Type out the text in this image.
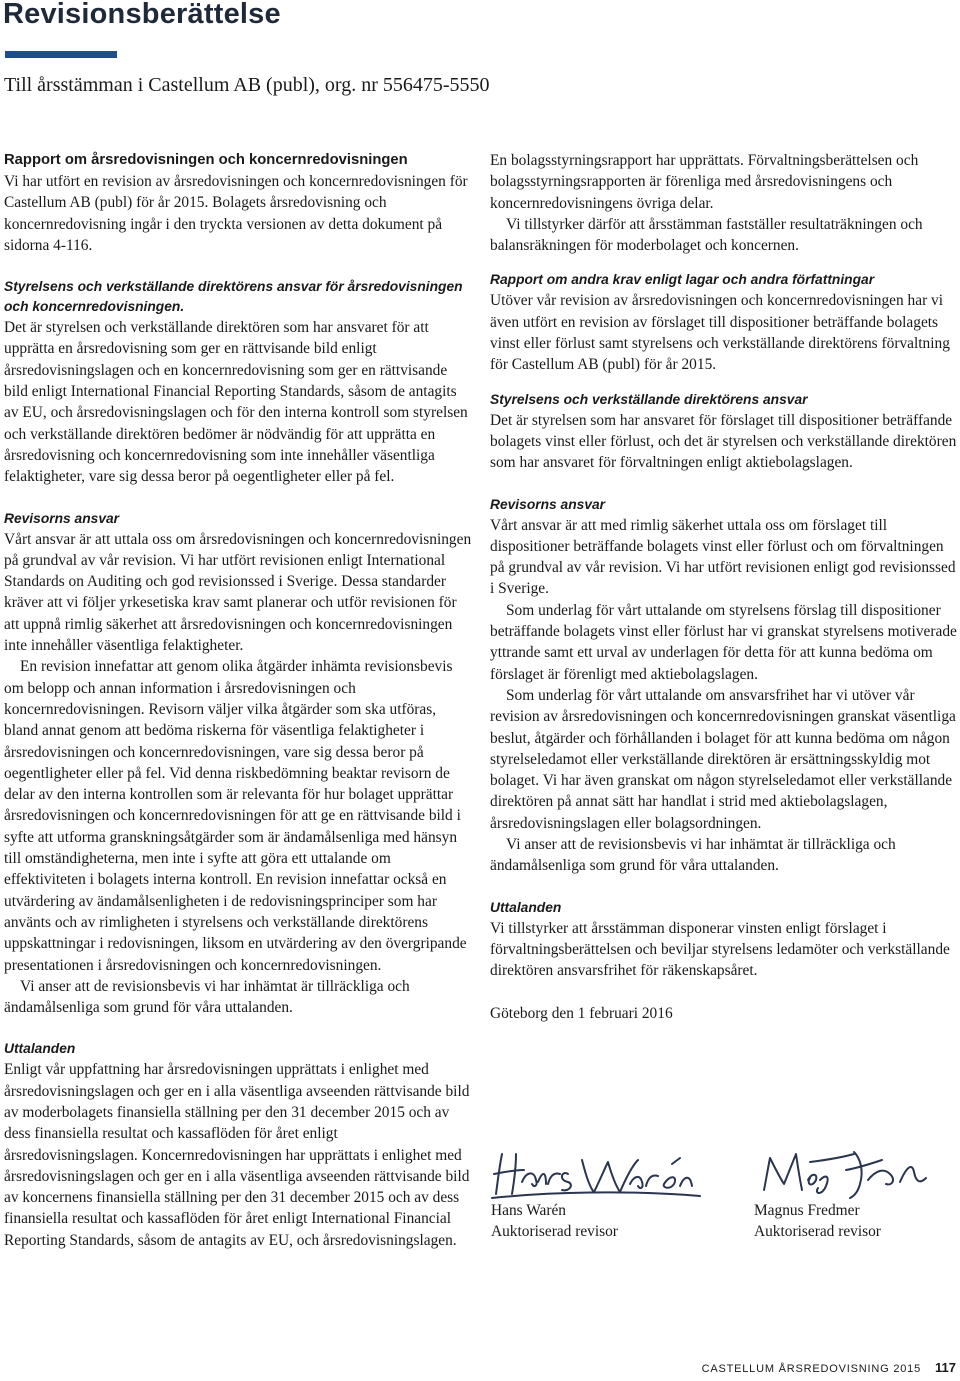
Revisionsberättelse

Till årsstämman i Castellum AB (publ), org. nr 556475-5550

Rapport om årsredovisningen och koncernredovisningen

Vi har utfört en revision av årsredovisningen och koncernredovisningen för Castellum AB (publ) för år 2015. Bolagets årsredovisning och koncernredovisning ingår i den tryckta versionen av detta dokument på sidorna 4-116.

Styrelsens och verkställande direktörens ansvar för årsredovisningen och koncernredovisningen.

Det är styrelsen och verkställande direktören som har ansvaret för att upprätta en årsredovisning som ger en rättvisande bild enligt årsredovisningslagen och en koncernredovisning som ger en rättvisande bild enligt International Financial Reporting Standards, såsom de antagits av EU, och årsredovisningslagen och för den interna kontroll som styrelsen och verkställande direktören bedömer är nödvändig för att upprätta en årsredovisning och koncernredovisning som inte innehåller väsentliga felaktigheter, vare sig dessa beror på oegentligheter eller på fel.

Revisorns ansvar

Vårt ansvar är att uttala oss om årsredovisningen och koncernredovisningen på grundval av vår revision. Vi har utfört revisionen enligt International Standards on Auditing och god revisionssed i Sverige. Dessa standarder kräver att vi följer yrkesetiska krav samt planerar och utför revisionen för att uppnå rimlig säkerhet att årsredovisningen och koncernredovisningen inte innehåller väsentliga felaktigheter.

En revision innefattar att genom olika åtgärder inhämta revisionsbevis om belopp och annan information i årsredovisningen och koncernredovisningen. Revisorn väljer vilka åtgärder som ska utföras, bland annat genom att bedöma riskerna för väsentliga felaktigheter i årsredovisningen och koncernredovisningen, vare sig dessa beror på oegentligheter eller på fel. Vid denna riskbedömning beaktar revisorn de delar av den interna kontrollen som är relevanta för hur bolaget upprättar årsredovisningen och koncernredovisningen för att ge en rättvisande bild i syfte att utforma granskningsåtgärder som är ändamålsenliga med hänsyn till omständigheterna, men inte i syfte att göra ett uttalande om effektiviteten i bolagets interna kontroll. En revision innefattar också en utvärdering av ändamålsenligheten i de redovisningsprinciper som har använts och av rimligheten i styrelsens och verkställande direktörens uppskattningar i redovisningen, liksom en utvärdering av den övergripande presentationen i årsredovisningen och koncernredovisningen.

Vi anser att de revisionsbevis vi har inhämtat är tillräckliga och ändamålsenliga som grund för våra uttalanden.

Uttalanden

Enligt vår uppfattning har årsredovisningen upprättats i enlighet med årsredovisningslagen och ger en i alla väsentliga avseenden rättvisande bild av moderbolagets finansiella ställning per den 31 december 2015 och av dess finansiella resultat och kassaflöden för året enligt årsredovisningslagen. Koncernredovisningen har upprättats i enlighet med årsredovisningslagen och ger en i alla väsentliga avseenden rättvisande bild av koncernens finansiella ställning per den 31 december 2015 och av dess finansiella resultat och kassaflöden för året enligt International Financial Reporting Standards, såsom de antagits av EU, och årsredovisningslagen.

En bolagsstyrningsrapport har upprättats. Förvaltningsberättelsen och bolagsstyrningsrapporten är förenliga med årsredovisningens och koncernredovisningens övriga delar.

Vi tillstyrker därför att årsstämman fastställer resultaträkningen och balansräkningen för moderbolaget och koncernen.

Rapport om andra krav enligt lagar och andra författningar

Utöver vår revision av årsredovisningen och koncernredovisningen har vi även utfört en revision av förslaget till dispositioner beträffande bolagets vinst eller förlust samt styrelsens och verkställande direktörens förvaltning för Castellum AB (publ) för år 2015.

Styrelsens och verkställande direktörens ansvar

Det är styrelsen som har ansvaret för förslaget till dispositioner beträffande bolagets vinst eller förlust, och det är styrelsen och verkställande direktören som har ansvaret för förvaltningen enligt aktiebolagslagen.

Revisorns ansvar

Vårt ansvar är att med rimlig säkerhet uttala oss om förslaget till dispositioner beträffande bolagets vinst eller förlust och om förvaltningen på grundval av vår revision. Vi har utfört revisionen enligt god revisionssed i Sverige.

Som underlag för vårt uttalande om styrelsens förslag till dispositioner beträffande bolagets vinst eller förlust har vi granskat styrelsens motiverade yttrande samt ett urval av underlagen för detta för att kunna bedöma om förslaget är förenligt med aktiebolagslagen.

Som underlag för vårt uttalande om ansvarsfrihet har vi utöver vår revision av årsredovisningen och koncernredovisningen granskat väsentliga beslut, åtgärder och förhållanden i bolaget för att kunna bedöma om någon styrelseledamot eller verkställande direktören är ersättningsskyldig mot bolaget. Vi har även granskat om någon styrelseledamot eller verkställande direktören på annat sätt har handlat i strid med aktiebolagslagen, årsredovisningslagen eller bolagsordningen.

Vi anser att de revisionsbevis vi har inhämtat är tillräckliga och ändamålsenliga som grund för våra uttalanden.

Uttalanden

Vi tillstyrker att årsstämman disponerar vinsten enligt förslaget i förvaltningsberättelsen och beviljar styrelsens ledamöter och verkställande direktören ansvarsfrihet för räkenskapsåret.

Göteborg den 1 februari 2016

Hans Warén
Auktoriserad revisor
Magnus Fredmer
Auktoriserad revisor
CASTELLUM ÅRSREDOVISNING 2015 117
